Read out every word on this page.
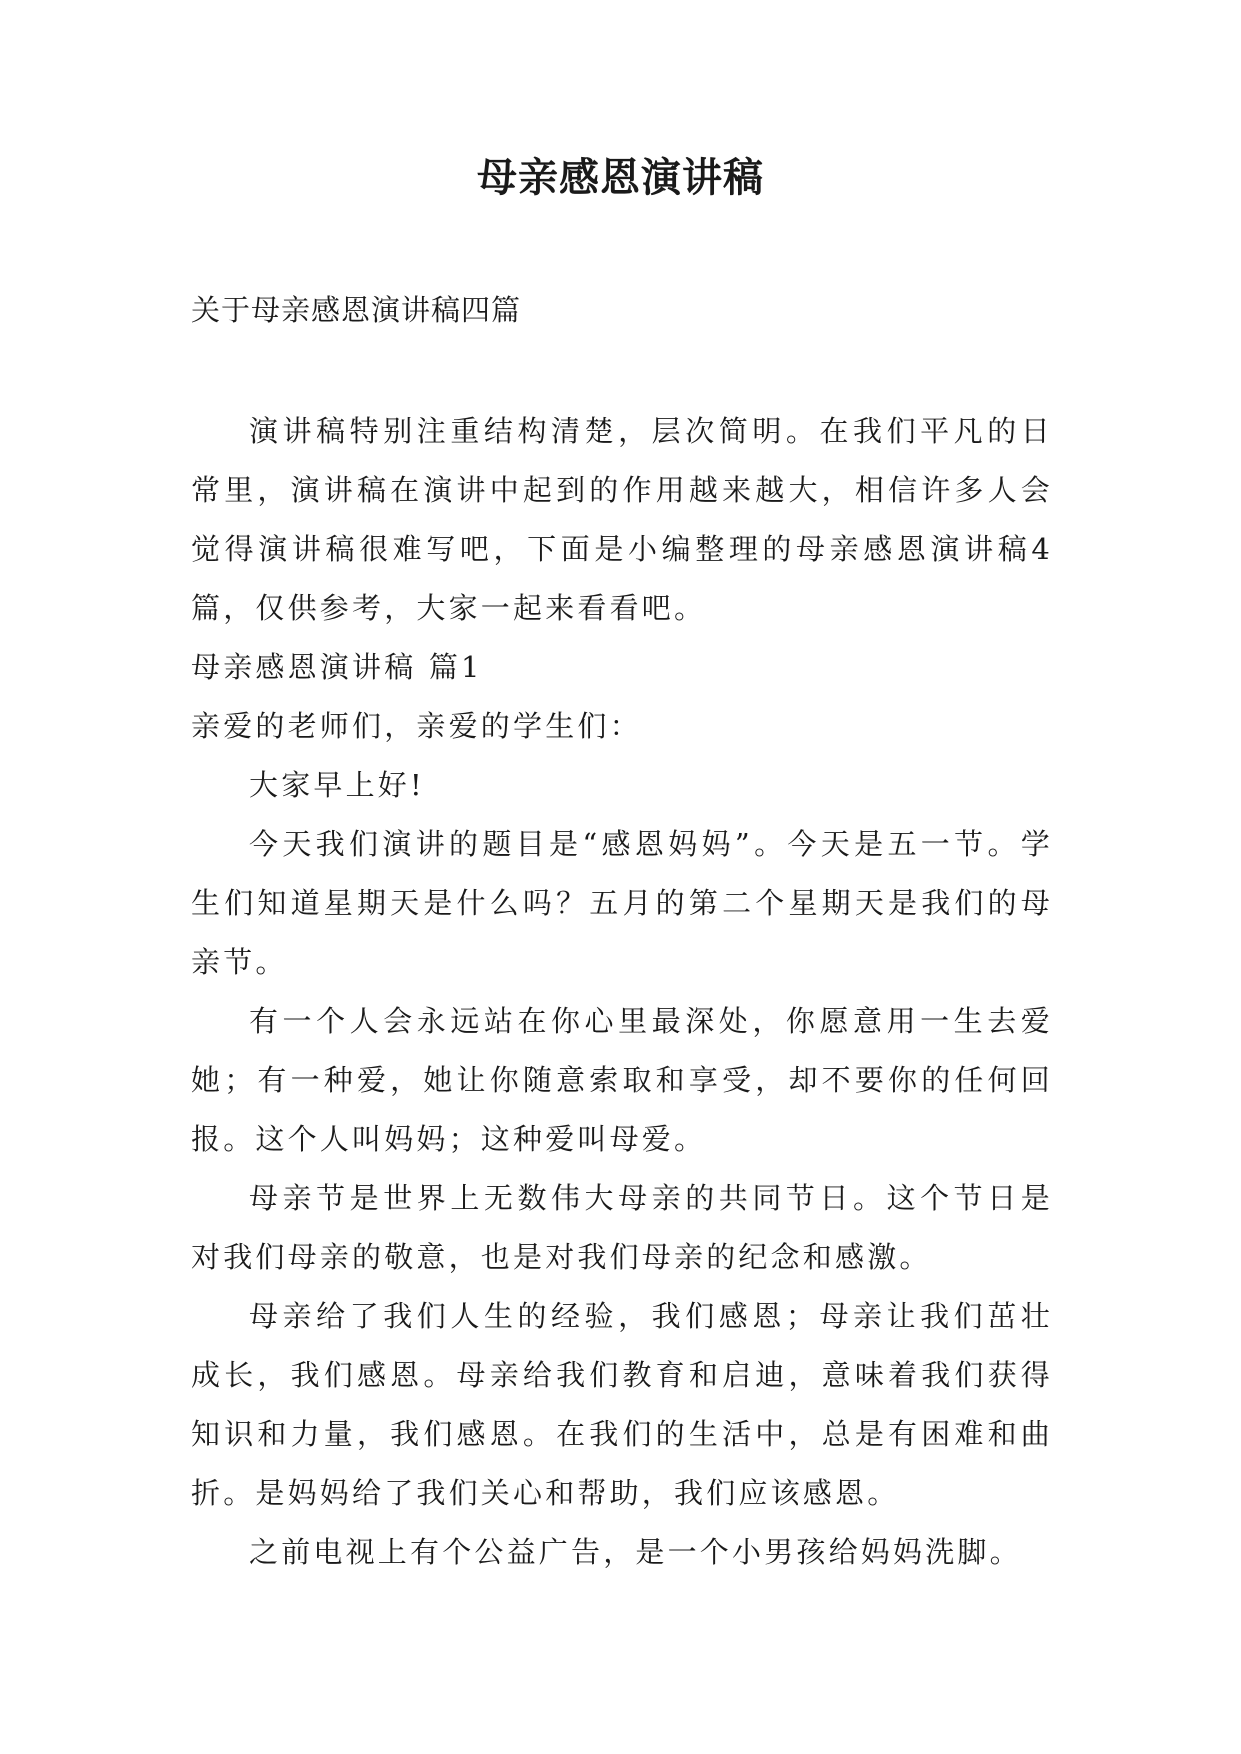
母亲感恩演讲稿
关于母亲感恩演讲稿四篇

演讲稿特别注重结构清楚，层次简明。在我们平凡的日常里，演讲稿在演讲中起到的作用越来越大，相信许多人会觉得演讲稿很难写吧，下面是小编整理的母亲感恩演讲稿4篇，仅供参考，大家一起来看看吧。

母亲感恩演讲稿 篇1

亲爱的老师们，亲爱的学生们：

大家早上好!

今天我们演讲的题目是“感恩妈妈”。今天是五一节。学生们知道星期天是什么吗？五月的第二个星期天是我们的母亲节。

有一个人会永远站在你心里最深处，你愿意用一生去爱她；有一种爱，她让你随意索取和享受，却不要你的任何回报。这个人叫妈妈；这种爱叫母爱。

母亲节是世界上无数伟大母亲的共同节日。这个节日是对我们母亲的敬意，也是对我们母亲的纪念和感激。

母亲给了我们人生的经验，我们感恩；母亲让我们茁壮成长，我们感恩。母亲给我们教育和启迪，意味着我们获得知识和力量，我们感恩。在我们的生活中，总是有困难和曲折。是妈妈给了我们关心和帮助，我们应该感恩。

之前电视上有个公益广告，是一个小男孩给妈妈洗脚。
